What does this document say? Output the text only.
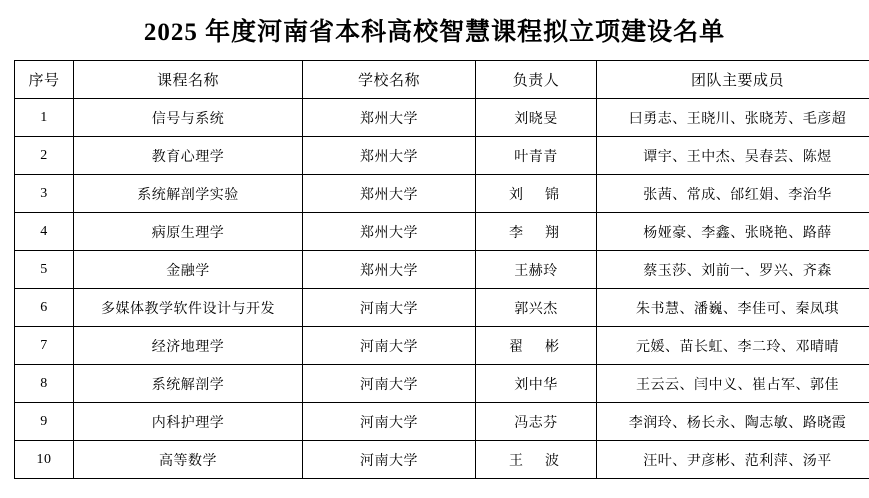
2025 年度河南省本科高校智慧课程拟立项建设名单
序号	课程名称	学校名称	负责人	团队主要成员
1	信号与系统	郑州大学	刘晓旻	曰勇志、王晓川、张晓芳、毛彦超
2	教育心理学	郑州大学	叶青青	谭宇、王中杰、吴春芸、陈煜
3	系统解剖学实验	郑州大学	刘　锦	张茜、常成、邰红娟、李治华
4	病原生理学	郑州大学	李　翔	杨娅豪、李鑫、张晓艳、路薛
5	金融学	郑州大学	王赫玲	蔡玉莎、刘前一、罗兴、齐森
6	多媒体教学软件设计与开发	河南大学	郭兴杰	朱书慧、潘巍、李佳可、秦凤琪
7	经济地理学	河南大学	翟　彬	元媛、苗长虹、李二玲、邓晴晴
8	系统解剖学	河南大学	刘中华	王云云、闫中义、崔占军、郭佳
9	内科护理学	河南大学	冯志芬	李润玲、杨长永、陶志敏、路晓霞
10	高等数学	河南大学	王　波	汪叶、尹彦彬、范利萍、汤平
